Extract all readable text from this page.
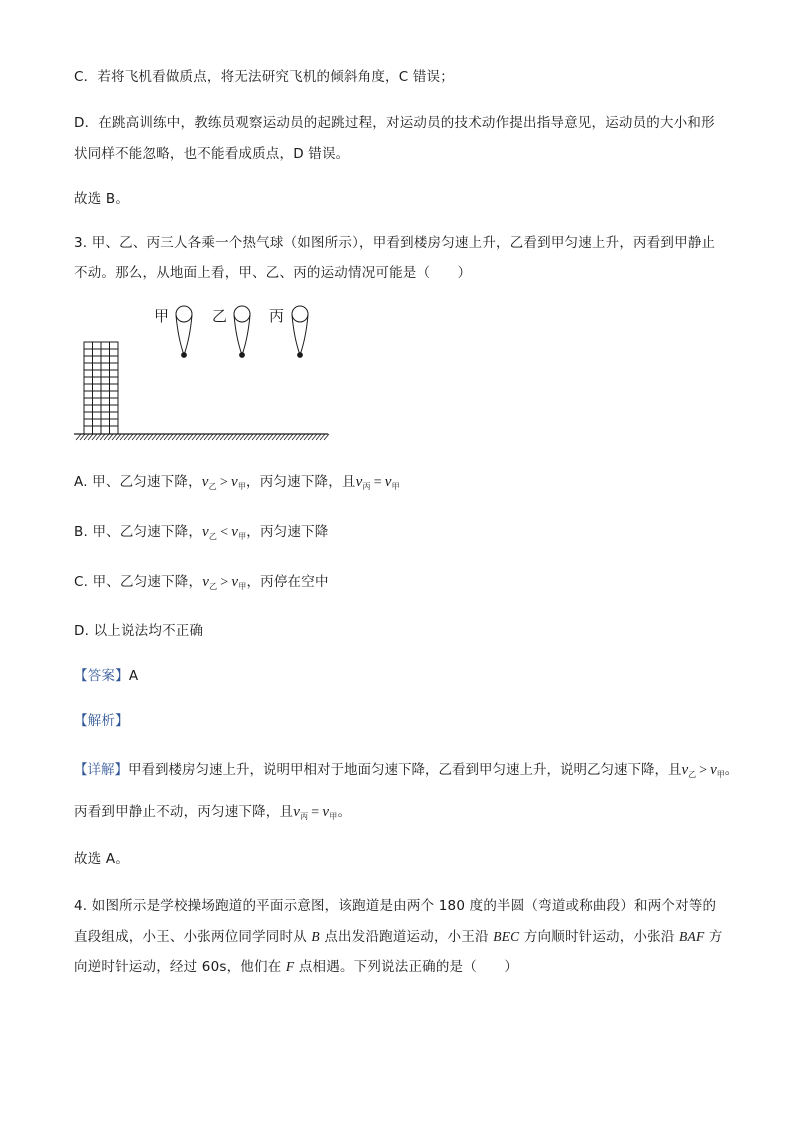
C．若将飞机看做质点，将无法研究飞机的倾斜角度，C 错误；
D．在跳高训练中，教练员观察运动员的起跳过程，对运动员的技术动作提出指导意见，运动员的大小和形
状同样不能忽略，也不能看成质点，D 错误。
故选 B。
3. 甲、乙、丙三人各乘一个热气球（如图所示），甲看到楼房匀速上升，乙看到甲匀速上升，丙看到甲静止
不动。那么，从地面上看，甲、乙、丙的运动情况可能是（　　）
甲	乙	丙
A. 甲、乙匀速下降，$v_乙 > v_甲$，丙匀速下降，且$v_丙 = v_甲$
B. 甲、乙匀速下降，$v_乙 < v_甲$，丙匀速下降
C. 甲、乙匀速下降，$v_乙 > v_甲$，丙停在空中
D. 以上说法均不正确
【答案】A
【解析】
【详解】甲看到楼房匀速上升，说明甲相对于地面匀速下降，乙看到甲匀速上升，说明乙匀速下降，且$v_乙 > v_甲$。
丙看到甲静止不动，丙匀速下降，且$v_丙 = v_甲$。
故选 A。
4. 如图所示是学校操场跑道的平面示意图，该跑道是由两个 180 度的半圆（弯道或称曲段）和两个对等的
直段组成，小王、小张两位同学同时从 B 点出发沿跑道运动，小王沿 BEC 方向顺时针运动，小张沿 BAF 方
向逆时针运动，经过 60s，他们在 F 点相遇。下列说法正确的是（　　）
